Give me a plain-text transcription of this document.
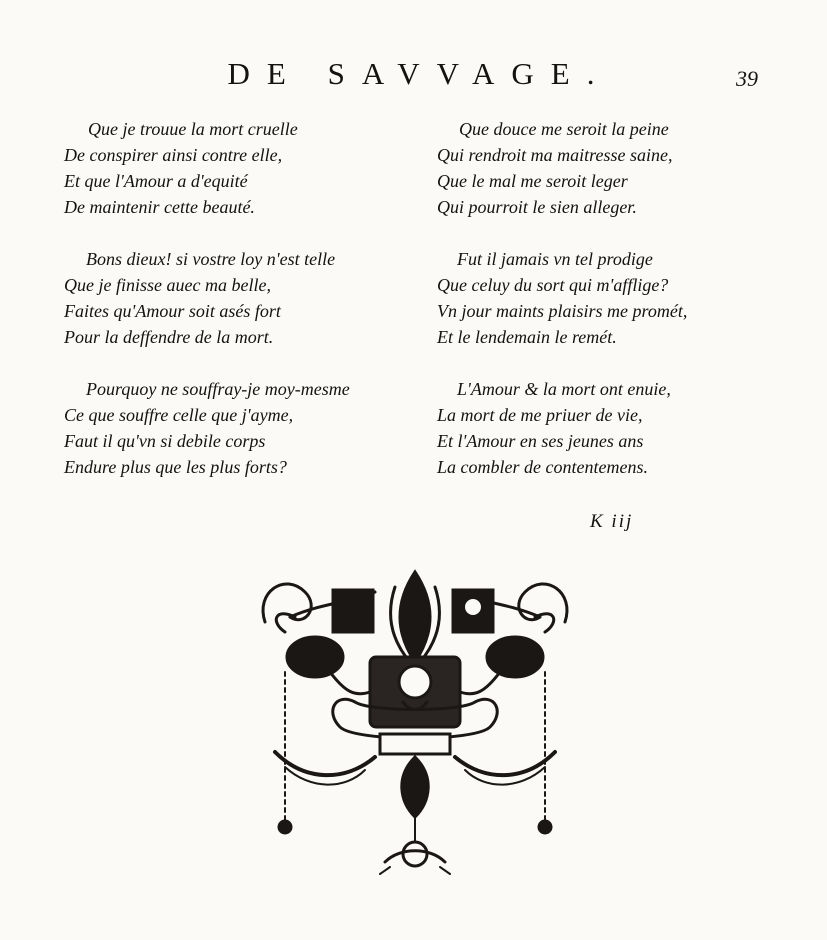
DE SAVVAGE.	39
Que je trouue la mort cruelle
De conspirer ainsi contre elle,
Et que l'Amour a d'equité
De maintenir cette beauté.
Bons dieux! si vostre loy n'est telle
Que je finisse auec ma belle,
Faites qu'Amour soit asés fort
Pour la deffendre de la mort.
Pourquoy ne souffray-je moy-mesme
Ce que souffre celle que j'ayme,
Faut il qu'vn si debile corps
Endure plus que les plus forts?
Que douce me seroit la peine
Qui rendroit ma maitresse saine,
Que le mal me seroit leger
Qui pourroit le sien alleger.
Fut il jamais vn tel prodige
Que celuy du sort qui m'afflige?
Vn jour maints plaisirs me promét,
Et le lendemain le remét.
L'Amour & la mort ont enuie,
La mort de me priuer de vie,
Et l'Amour en ses jeunes ans
La combler de contentemens.
K iij
